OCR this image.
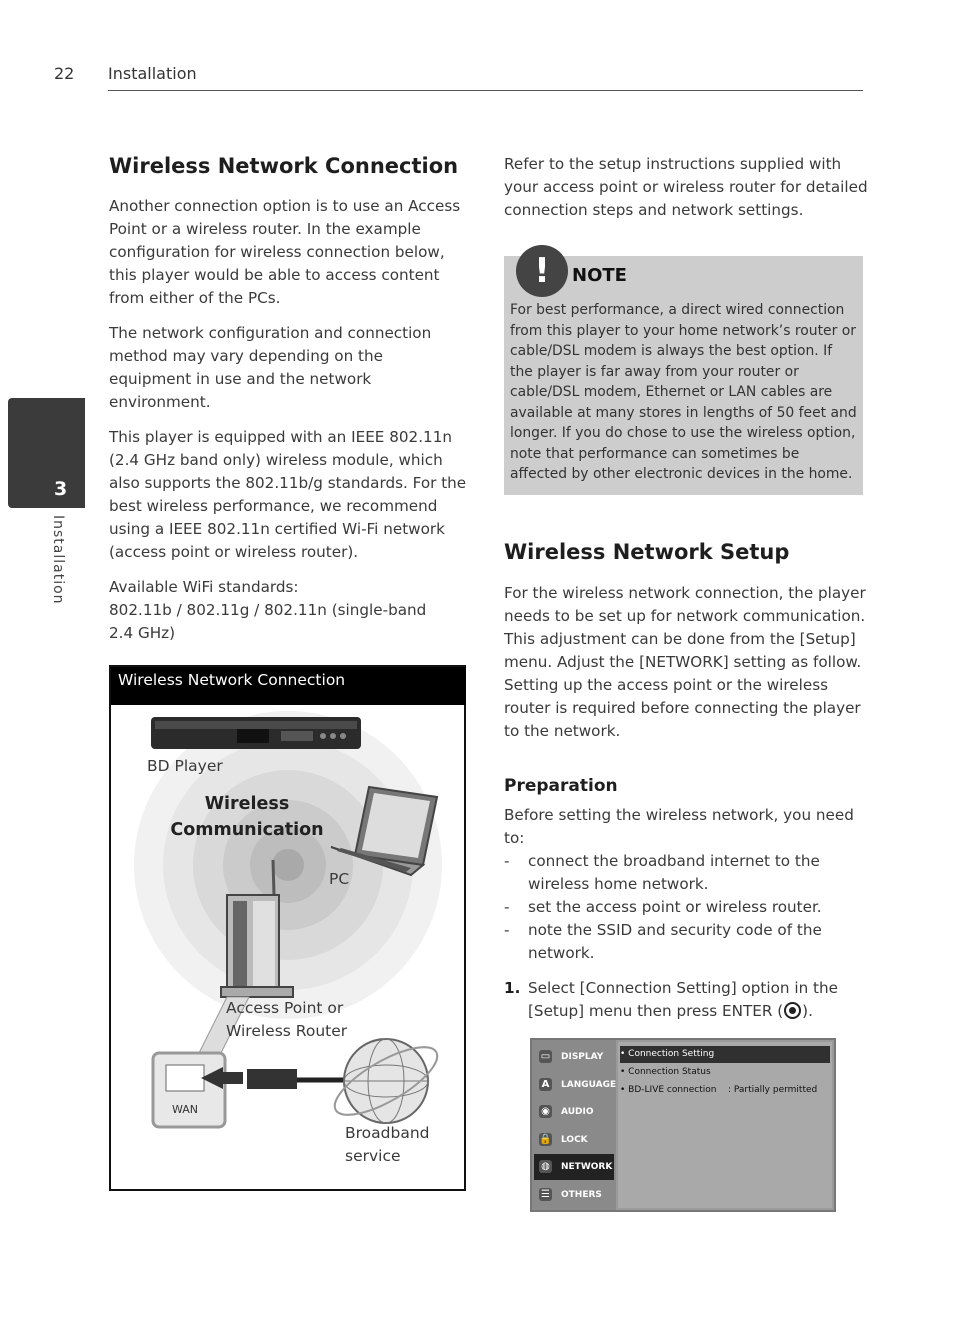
22 Installation
3
Installation
Wireless Network Connection

Another connection option is to use an Access Point or a wireless router. In the example configuration for wireless connection below, this player would be able to access content from either of the PCs.

The network configuration and connection method may vary depending on the equipment in use and the network environment.

This player is equipped with an IEEE 802.11n (2.4 GHz band only) wireless module, which also supports the 802.11b/g standards. For the best wireless performance, we recommend using a IEEE 802.11n certified Wi-Fi network (access point or wireless router).

Available WiFi standards:

802.11b / 802.11g / 802.11n (single-band 2.4 GHz)

Wireless Network Connection
BD Player
Wireless Communication
PC
Access Point or Wireless Router
WAN
Broadband service

Refer to the setup instructions supplied with your access point or wireless router for detailed connection steps and network settings.

!	NOTE
For best performance, a direct wired connection from this player to your home network’s router or cable/DSL modem is always the best option. If the player is far away from your router or cable/DSL modem, Ethernet or LAN cables are available at many stores in lengths of 50 feet and longer. If you do chose to use the wireless option, note that performance can sometimes be affected by other electronic devices in the home.
Wireless Network Setup

For the wireless network connection, the player needs to be set up for network communication. This adjustment can be done from the [Setup] menu. Adjust the [NETWORK] setting as follow. Setting up the access point or the wireless router is required before connecting the player to the network.

Preparation

Before setting the wireless network, you need to:

- connect the broadband internet to the wireless home network.
- set the access point or wireless router.
- note the SSID and security code of the network.
1. Select [Connection Setting] option in the [Setup] menu then press ENTER ( ).
▭ DISPLAY
A LANGUAGE
◉ AUDIO
🔒 LOCK
◍ NETWORK
☰ OTHERS
• Connection Setting
• Connection Status
• BD-LIVE connection : Partially permitted
